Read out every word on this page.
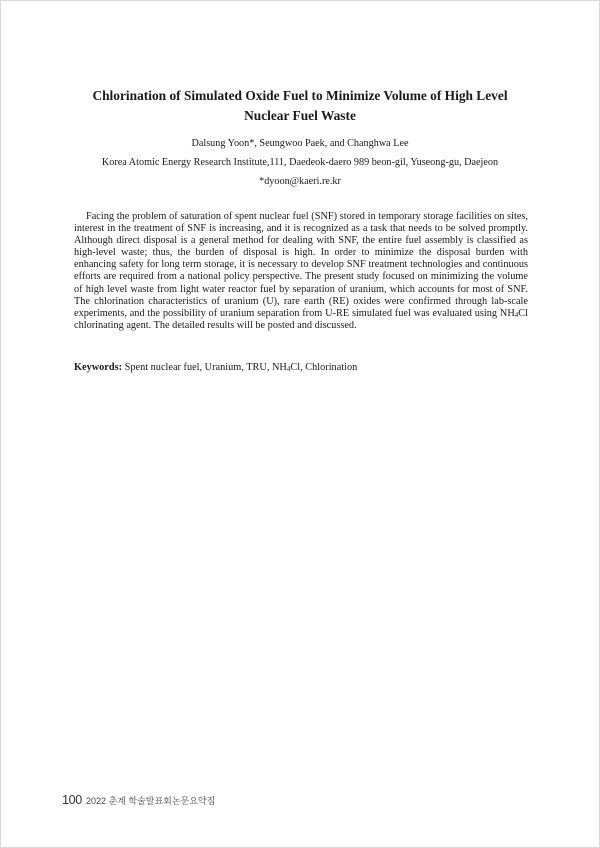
Chlorination of Simulated Oxide Fuel to Minimize Volume of High Level
Nuclear Fuel Waste
Dalsung Yoon*, Seungwoo Paek, and Changhwa Lee
Korea Atomic Energy Research Institute,111, Daedeok-daero 989 beon-gil, Yuseong-gu, Daejeon
*dyoon@kaeri.re.kr

Facing the problem of saturation of spent nuclear fuel (SNF) stored in temporary storage facilities on sites, interest in the treatment of SNF is increasing, and it is recognized as a task that needs to be solved promptly. Although direct disposal is a general method for dealing with SNF, the entire fuel assembly is classified as high-level waste; thus, the burden of disposal is high. In order to minimize the disposal burden with enhancing safety for long term storage, it is necessary to develop SNF treatment technologies and continuous efforts are required from a national policy perspective. The present study focused on minimizing the volume of high level waste from light water reactor fuel by separation of uranium, which accounts for most of SNF. The chlorination characteristics of uranium (U), rare earth (RE) oxides were confirmed through lab-scale experiments, and the possibility of uranium separation from U-RE simulated fuel was evaluated using $NH_4Cl$ chlorinating agent. The detailed results will be posted and discussed.

Keywords: Spent nuclear fuel, Uranium, TRU, $NH_4Cl$, Chlorination

100 2022 춘계 학술발표회논문요약집
